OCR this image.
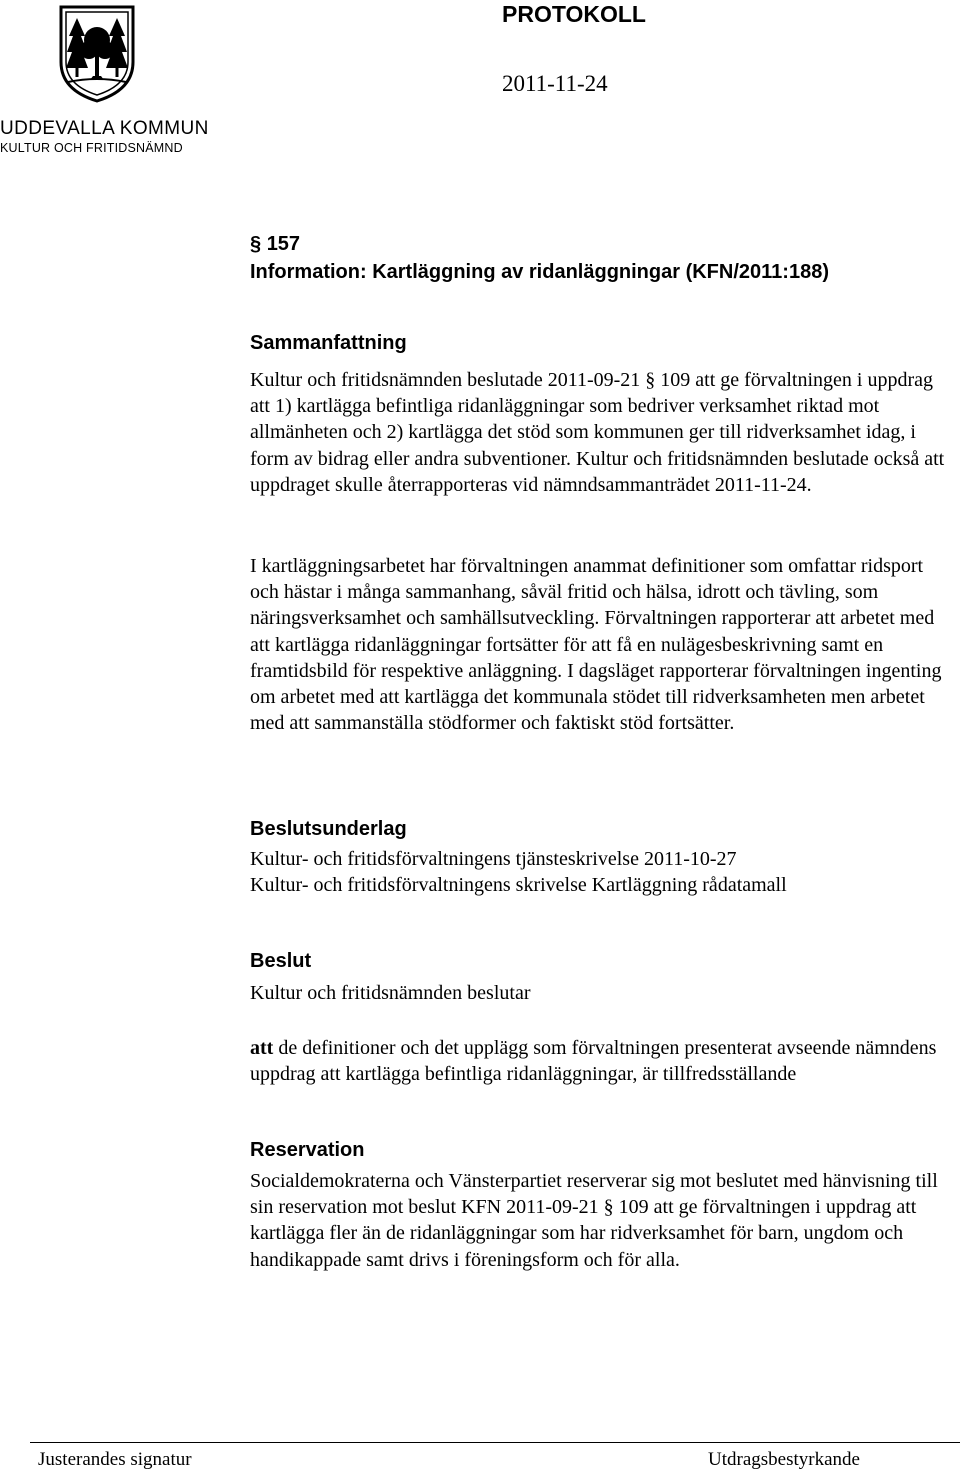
PROTOKOLL
2011-11-24
UDDEVALLA KOMMUN
KULTUR OCH FRITIDSNÄMND
§ 157
Information: Kartläggning av ridanläggningar (KFN/2011:188)
Sammanfattning

Kultur och fritidsnämnden beslutade 2011-09-21 § 109 att ge förvaltningen i uppdrag att 1) kartlägga befintliga ridanläggningar som bedriver verksamhet riktad mot allmänheten och 2) kartlägga det stöd som kommunen ger till ridverksamhet idag, i form av bidrag eller andra subventioner. Kultur och fritidsnämnden beslutade också att uppdraget skulle återrapporteras vid nämndsammanträdet 2011-11-24.

I kartläggningsarbetet har förvaltningen anammat definitioner som omfattar ridsport och hästar i många sammanhang, såväl fritid och hälsa, idrott och tävling, som näringsverksamhet och samhällsutveckling. Förvaltningen rapporterar att arbetet med att kartlägga ridanläggningar fortsätter för att få en nulägesbeskrivning samt en framtidsbild för respektive anläggning. I dagsläget rapporterar förvaltningen ingenting om arbetet med att kartlägga det kommunala stödet till ridverksamheten men arbetet med att sammanställa stödformer och faktiskt stöd fortsätter.

Beslutsunderlag
Kultur- och fritidsförvaltningens tjänsteskrivelse 2011-10-27
Kultur- och fritidsförvaltningens skrivelse Kartläggning rådatamall
Beslut
Kultur och fritidsnämnden beslutar

att de definitioner och det upplägg som förvaltningen presenterat avseende nämndens uppdrag att kartlägga befintliga ridanläggningar, är tillfredsställande

Reservation

Socialdemokraterna och Vänsterpartiet reserverar sig mot beslutet med hänvisning till sin reservation mot beslut KFN 2011-09-21 § 109 att ge förvaltningen i uppdrag att kartlägga fler än de ridanläggningar som har ridverksamhet för barn, ungdom och handikappade samt drivs i föreningsform och för alla.

Justerandes signatur	Utdragsbestyrkande
